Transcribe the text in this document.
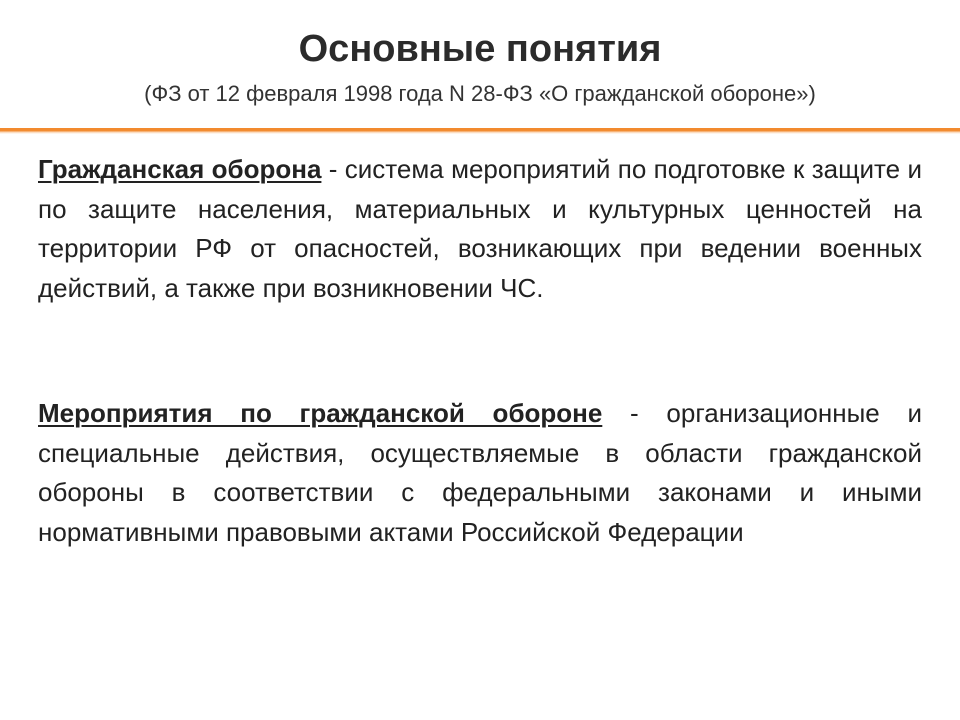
Основные понятия
(ФЗ от 12 февраля 1998 года N 28-ФЗ «О гражданской обороне»)
Гражданская оборона - система мероприятий по подготовке к защите и по защите населения, материальных и культурных ценностей на территории РФ от опасностей, возникающих при ведении военных действий, а также при возникновении ЧС.
Мероприятия по гражданской обороне - организационные и специальные действия, осуществляемые в области гражданской обороны в соответствии с федеральными законами и иными нормативными правовыми актами Российской Федерации
